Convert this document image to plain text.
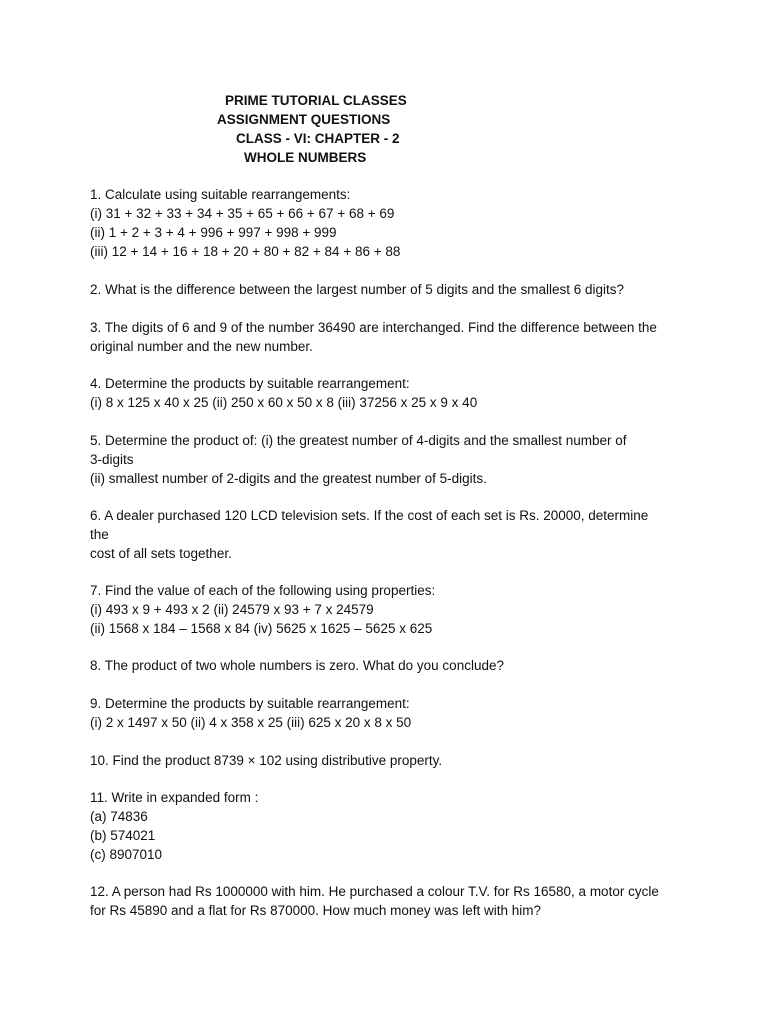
PRIME TUTORIAL CLASSES
ASSIGNMENT QUESTIONS
CLASS - VI: CHAPTER - 2
WHOLE NUMBERS
1. Calculate using suitable rearrangements:
(i) 31 + 32 + 33 + 34 + 35 + 65 + 66 + 67 + 68 + 69
(ii) 1 + 2 + 3 + 4 + 996 + 997 + 998 + 999
(iii) 12 + 14 + 16 + 18 + 20 + 80 + 82 + 84 + 86 + 88
2. What is the difference between the largest number of 5 digits and the smallest 6 digits?
3. The digits of 6 and 9 of the number 36490 are interchanged. Find the difference between the
original number and the new number.
4. Determine the products by suitable rearrangement:
(i) 8 x 125 x 40 x 25 (ii) 250 x 60 x 50 x 8 (iii) 37256 x 25 x 9 x 40
5. Determine the product of: (i) the greatest number of 4-digits and the smallest number of
3-digits
(ii) smallest number of 2-digits and the greatest number of 5-digits.
6. A dealer purchased 120 LCD television sets. If the cost of each set is Rs. 20000, determine
the
cost of all sets together.
7. Find the value of each of the following using properties:
(i) 493 x 9 + 493 x 2 (ii) 24579 x 93 + 7 x 24579
(ii) 1568 x 184 – 1568 x 84 (iv) 5625 x 1625 – 5625 x 625
8. The product of two whole numbers is zero. What do you conclude?
9. Determine the products by suitable rearrangement:
(i) 2 x 1497 x 50 (ii) 4 x 358 x 25 (iii) 625 x 20 x 8 x 50
10. Find the product 8739 × 102 using distributive property.
11. Write in expanded form :
(a) 74836
(b) 574021
(c) 8907010
12. A person had Rs 1000000 with him. He purchased a colour T.V. for Rs 16580, a motor cycle
for Rs 45890 and a flat for Rs 870000. How much money was left with him?
